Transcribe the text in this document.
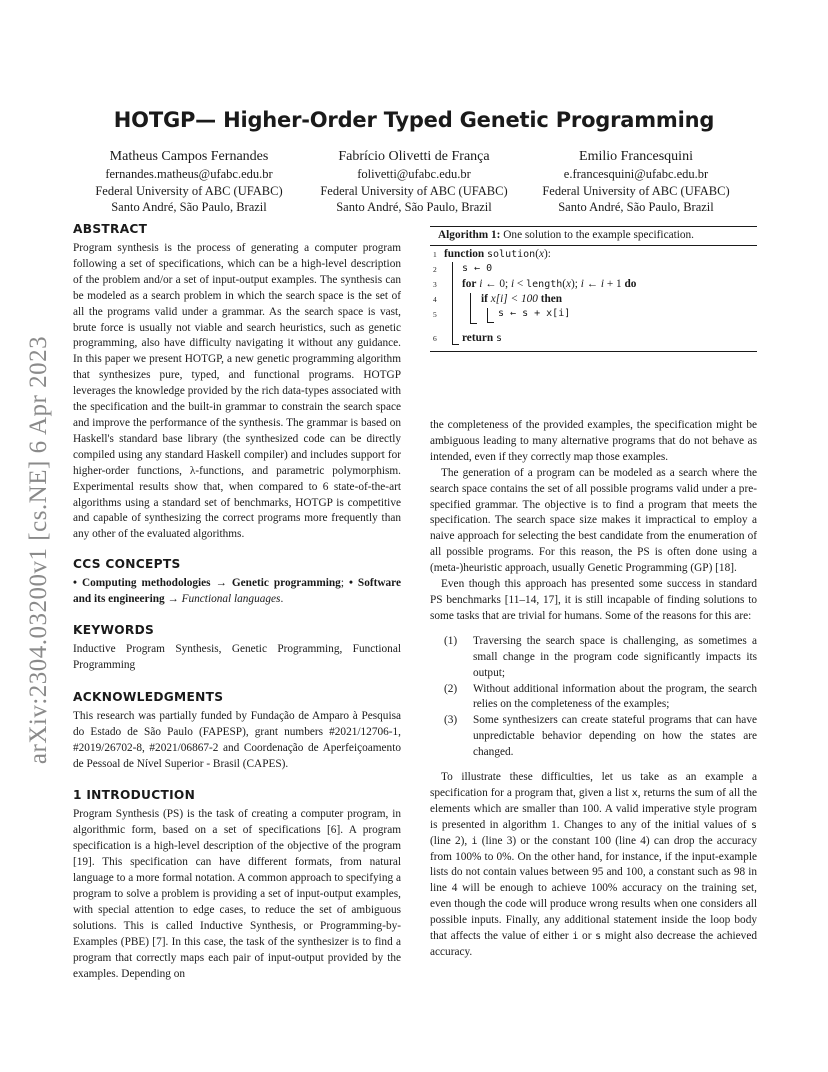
arXiv:2304.03200v1 [cs.NE] 6 Apr 2023
HOTGP— Higher-Order Typed Genetic Programming
Matheus Campos Fernandes
fernandes.matheus@ufabc.edu.br
Federal University of ABC (UFABC)
Santo André, São Paulo, Brazil
Fabrício Olivetti de França
folivetti@ufabc.edu.br
Federal University of ABC (UFABC)
Santo André, São Paulo, Brazil
Emilio Francesquini
e.francesquini@ufabc.edu.br
Federal University of ABC (UFABC)
Santo André, São Paulo, Brazil
ABSTRACT

Program synthesis is the process of generating a computer program following a set of specifications, which can be a high-level description of the problem and/or a set of input-output examples. The synthesis can be modeled as a search problem in which the search space is the set of all the programs valid under a grammar. As the search space is vast, brute force is usually not viable and search heuristics, such as genetic programming, also have difficulty navigating it without any guidance. In this paper we present HOTGP, a new genetic programming algorithm that synthesizes pure, typed, and functional programs. HOTGP leverages the knowledge provided by the rich data-types associated with the specification and the built-in grammar to constrain the search space and improve the performance of the synthesis. The grammar is based on Haskell's standard base library (the synthesized code can be directly compiled using any standard Haskell compiler) and includes support for higher-order functions, λ-functions, and parametric polymorphism. Experimental results show that, when compared to 6 state-of-the-art algorithms using a standard set of benchmarks, HOTGP is competitive and capable of synthesizing the correct programs more frequently than any other of the evaluated algorithms.

CCS CONCEPTS

• Computing methodologies → Genetic programming; • Software and its engineering → Functional languages.

KEYWORDS

Inductive Program Synthesis, Genetic Programming, Functional Programming

ACKNOWLEDGMENTS

This research was partially funded by Fundação de Amparo à Pesquisa do Estado de São Paulo (FAPESP), grant numbers #2021/12706-1, #2019/26702-8, #2021/06867-2 and Coordenação de Aperfeiçoamento de Pessoal de Nível Superior - Brasil (CAPES).

1 INTRODUCTION

Program Synthesis (PS) is the task of creating a computer program, in algorithmic form, based on a set of specifications [6]. A program specification is a high-level description of the objective of the program [19]. This specification can have different formats, from natural language to a more formal notation. A common approach to specifying a program to solve a problem is providing a set of input-output examples, with special attention to edge cases, to reduce the set of ambiguous solutions. This is called Inductive Synthesis, or Programming-by-Examples (PBE) [7]. In this case, the task of the synthesizer is to find a program that correctly maps each pair of input-output provided by the examples. Depending on

Algorithm 1: One solution to the example specification.
1 function solution(x):
2	s ← 0
3	for i ← 0; i < length(x); i ← i + 1 do
4	if x[i] < 100 then
5	s ← s + x[i]
6	return s

the completeness of the provided examples, the specification might be ambiguous leading to many alternative programs that do not behave as intended, even if they correctly map those examples.

The generation of a program can be modeled as a search where the search space contains the set of all possible programs valid under a pre-specified grammar. The objective is to find a program that meets the specification. The search space size makes it impractical to employ a naive approach for selecting the best candidate from the enumeration of all possible programs. For this reason, the PS is often done using a (meta-)heuristic approach, usually Genetic Programming (GP) [18].

Even though this approach has presented some success in standard PS benchmarks [11–14, 17], it is still incapable of finding solutions to some tasks that are trivial for humans. Some of the reasons for this are:

(1) Traversing the search space is challenging, as sometimes a small change in the program code significantly impacts its output;
(2) Without additional information about the program, the search relies on the completeness of the examples;
(3) Some synthesizers can create stateful programs that can have unpredictable behavior depending on how the states are changed.

To illustrate these difficulties, let us take as an example a specification for a program that, given a list x, returns the sum of all the elements which are smaller than 100. A valid imperative style program is presented in algorithm 1. Changes to any of the initial values of s (line 2), i (line 3) or the constant 100 (line 4) can drop the accuracy from 100% to 0%. On the other hand, for instance, if the input-example lists do not contain values between 95 and 100, a constant such as 98 in line 4 will be enough to achieve 100% accuracy on the training set, even though the code will produce wrong results when one considers all possible inputs. Finally, any additional statement inside the loop body that affects the value of either i or s might also decrease the achieved accuracy.
